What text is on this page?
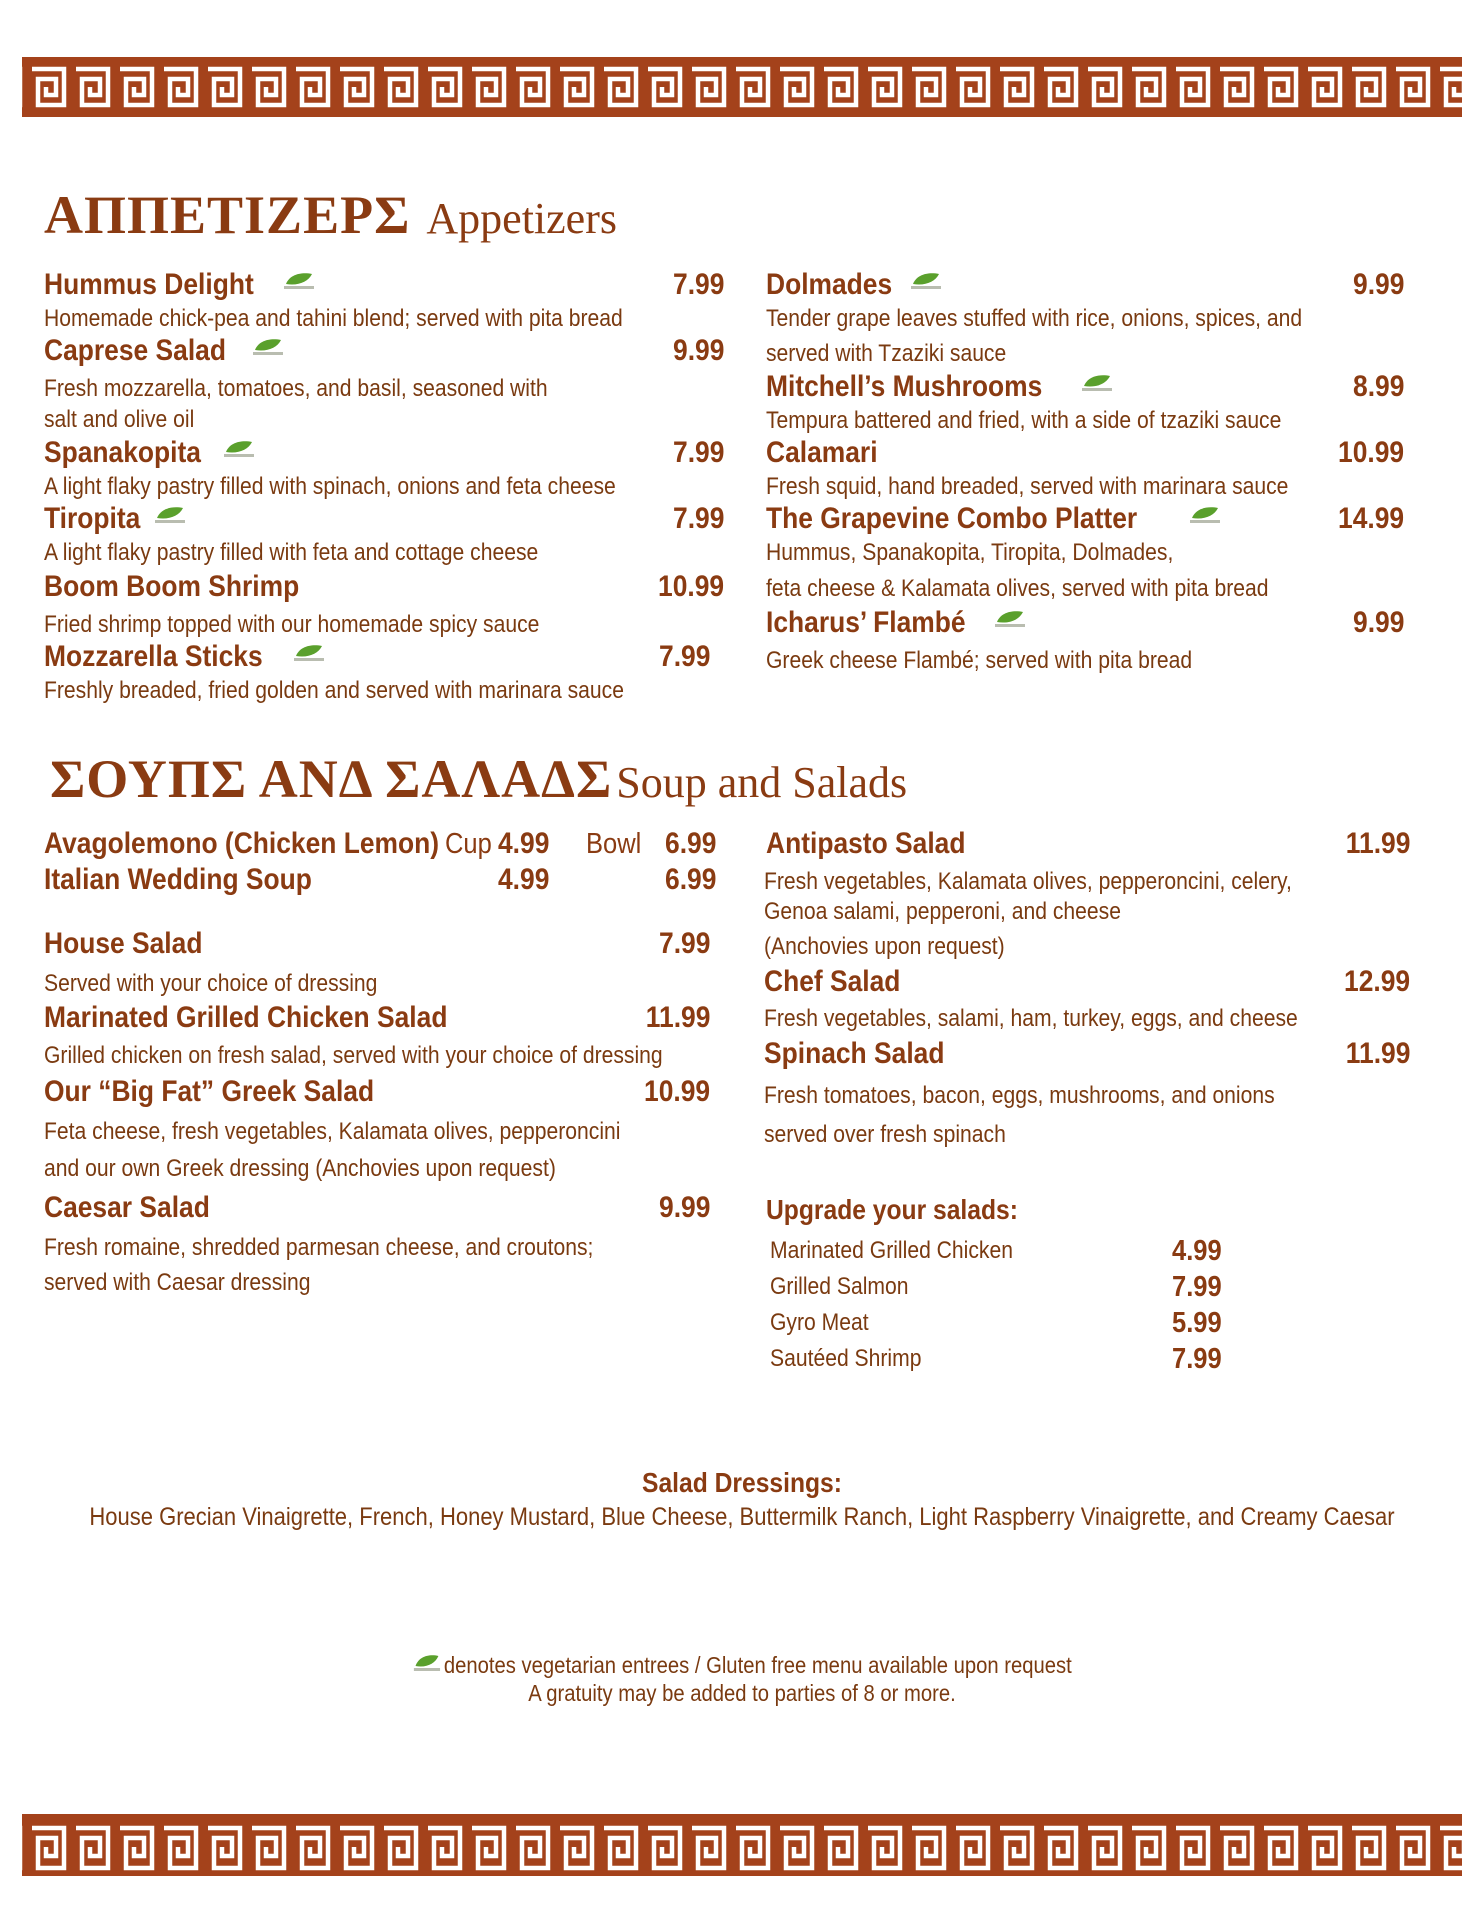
ΑΠΠΕΤΙΖΕΡΣ Appetizers
Hummus Delight	7.99
Homemade chick-pea and tahini blend; served with pita bread
Caprese Salad	9.99
Fresh mozzarella, tomatoes, and basil, seasoned with
salt and olive oil
Spanakopita	7.99
A light flaky pastry filled with spinach, onions and feta cheese
Tiropita	7.99
A light flaky pastry filled with feta and cottage cheese
Boom Boom Shrimp	10.99
Fried shrimp topped with our homemade spicy sauce
Mozzarella Sticks	7.99
Freshly breaded, fried golden and served with marinara sauce
Dolmades	9.99
Tender grape leaves stuffed with rice, onions, spices, and
served with Tzaziki sauce
Mitchell’s Mushrooms	8.99
Tempura battered and fried, with a side of tzaziki sauce
Calamari	10.99
Fresh squid, hand breaded, served with marinara sauce
The Grapevine Combo Platter	14.99
Hummus, Spanakopita, Tiropita, Dolmades,
feta cheese & Kalamata olives, served with pita bread
Icharus’ Flambé	9.99
Greek cheese Flambé; served with pita bread
ΣΟΥΠΣ ΑΝΔ ΣΑΛΑΔΣSoup and Salads
Avagolemono (Chicken Lemon) Cup 4.99 Bowl 6.99
Italian Wedding Soup	4.99	6.99
House Salad	7.99
Served with your choice of dressing
Marinated Grilled Chicken Salad	11.99
Grilled chicken on fresh salad, served with your choice of dressing
Our “Big Fat” Greek Salad	10.99
Feta cheese, fresh vegetables, Kalamata olives, pepperoncini
and our own Greek dressing (Anchovies upon request)
Caesar Salad	9.99
Fresh romaine, shredded parmesan cheese, and croutons;
served with Caesar dressing
Antipasto Salad	11.99
Fresh vegetables, Kalamata olives, pepperoncini, celery,
Genoa salami, pepperoni, and cheese
(Anchovies upon request)
Chef Salad	12.99
Fresh vegetables, salami, ham, turkey, eggs, and cheese
Spinach Salad	11.99
Fresh tomatoes, bacon, eggs, mushrooms, and onions
served over fresh spinach
Upgrade your salads:
Marinated Grilled Chicken	4.99
Grilled Salmon	7.99
Gyro Meat	5.99
Sautéed Shrimp	7.99
Salad Dressings:
House Grecian Vinaigrette, French, Honey Mustard, Blue Cheese, Buttermilk Ranch, Light Raspberry Vinaigrette, and Creamy Caesar
denotes vegetarian entrees / Gluten free menu available upon request
A gratuity may be added to parties of 8 or more.
